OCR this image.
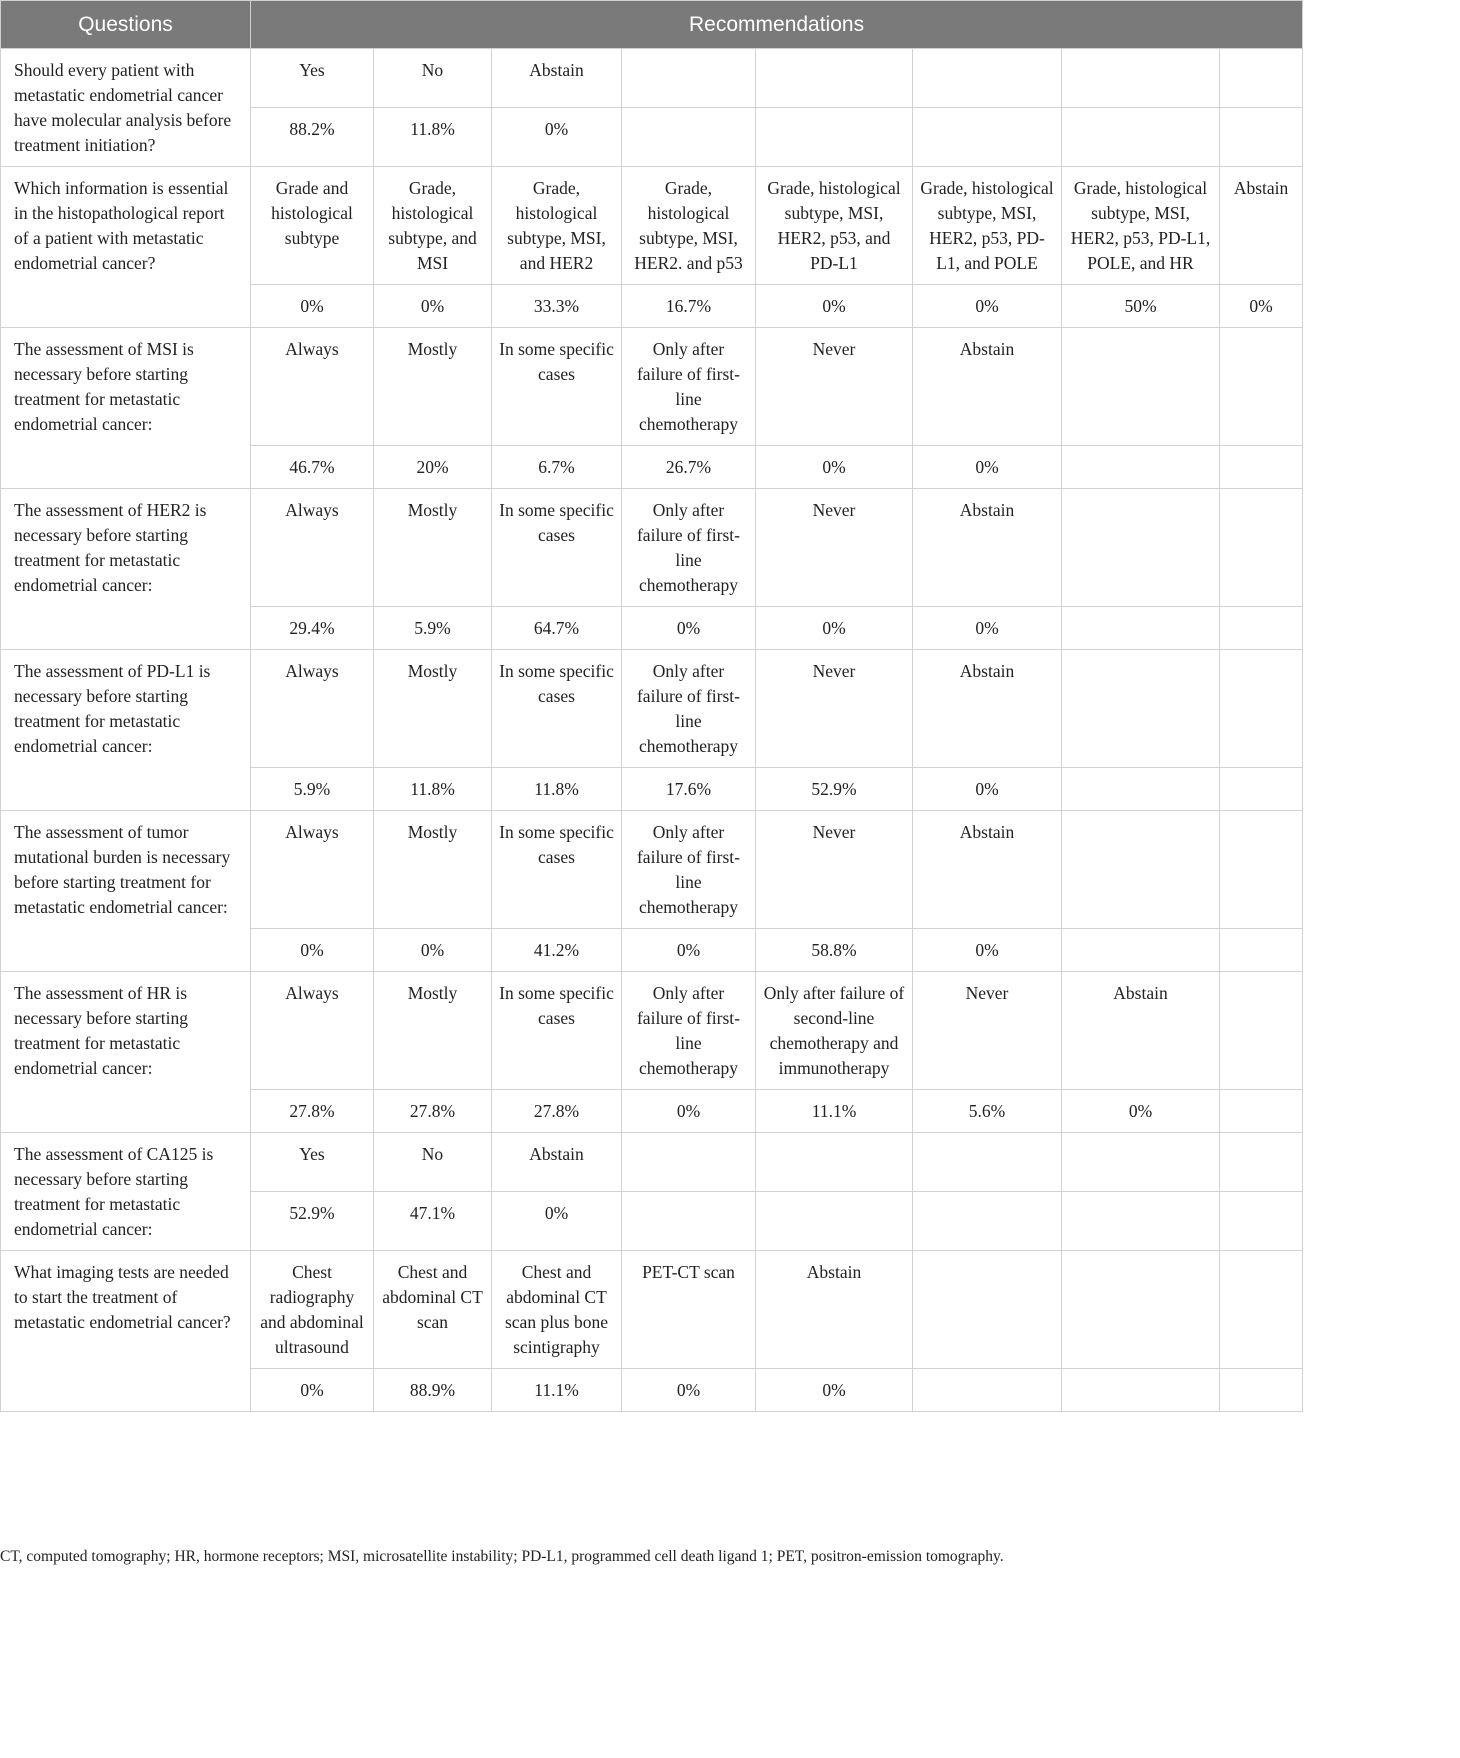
Questions	Recommendations							
Should every patient with metastatic endometrial cancer have molecular analysis before treatment initiation?	Yes	No	Abstain					
	88.2%	11.8%	0%					
Which information is essential in the histopathological report of a patient with metastatic endometrial cancer?	Grade and histological subtype	Grade, histological subtype, and MSI	Grade, histological subtype, MSI, and HER2	Grade, histological subtype, MSI, HER2. and p53	Grade, histological subtype, MSI, HER2, p53, and PD-L1	Grade, histological subtype, MSI, HER2, p53, PD-L1, and POLE	Grade, histological subtype, MSI, HER2, p53, PD-L1, POLE, and HR	Abstain
	0%	0%	33.3%	16.7%	0%	0%	50%	0%
The assessment of MSI is necessary before starting treatment for metastatic endometrial cancer:	Always	Mostly	In some specific cases	Only after failure of first-line chemotherapy	Never	Abstain		
	46.7%	20%	6.7%	26.7%	0%	0%		
The assessment of HER2 is necessary before starting treatment for metastatic endometrial cancer:	Always	Mostly	In some specific cases	Only after failure of first-line chemotherapy	Never	Abstain		
	29.4%	5.9%	64.7%	0%	0%	0%		
The assessment of PD-L1 is necessary before starting treatment for metastatic endometrial cancer:	Always	Mostly	In some specific cases	Only after failure of first-line chemotherapy	Never	Abstain		
	5.9%	11.8%	11.8%	17.6%	52.9%	0%		
The assessment of tumor mutational burden is necessary before starting treatment for metastatic endometrial cancer:	Always	Mostly	In some specific cases	Only after failure of first-line chemotherapy	Never	Abstain		
	0%	0%	41.2%	0%	58.8%	0%		
The assessment of HR is necessary before starting treatment for metastatic endometrial cancer:	Always	Mostly	In some specific cases	Only after failure of first-line chemotherapy	Only after failure of second-line chemotherapy and immunotherapy	Never	Abstain	
	27.8%	27.8%	27.8%	0%	11.1%	5.6%	0%	
The assessment of CA125 is necessary before starting treatment for metastatic endometrial cancer:	Yes	No	Abstain					
	52.9%	47.1%	0%					
What imaging tests are needed to start the treatment of metastatic endometrial cancer?	Chest radiography and abdominal ultrasound	Chest and abdominal CT scan	Chest and abdominal CT scan plus bone scintigraphy	PET-CT scan	Abstain			
	0%	88.9%	11.1%	0%	0%			
CT, computed tomography; HR, hormone receptors; MSI, microsatellite instability; PD-L1, programmed cell death ligand 1; PET, positron-emission tomography.
